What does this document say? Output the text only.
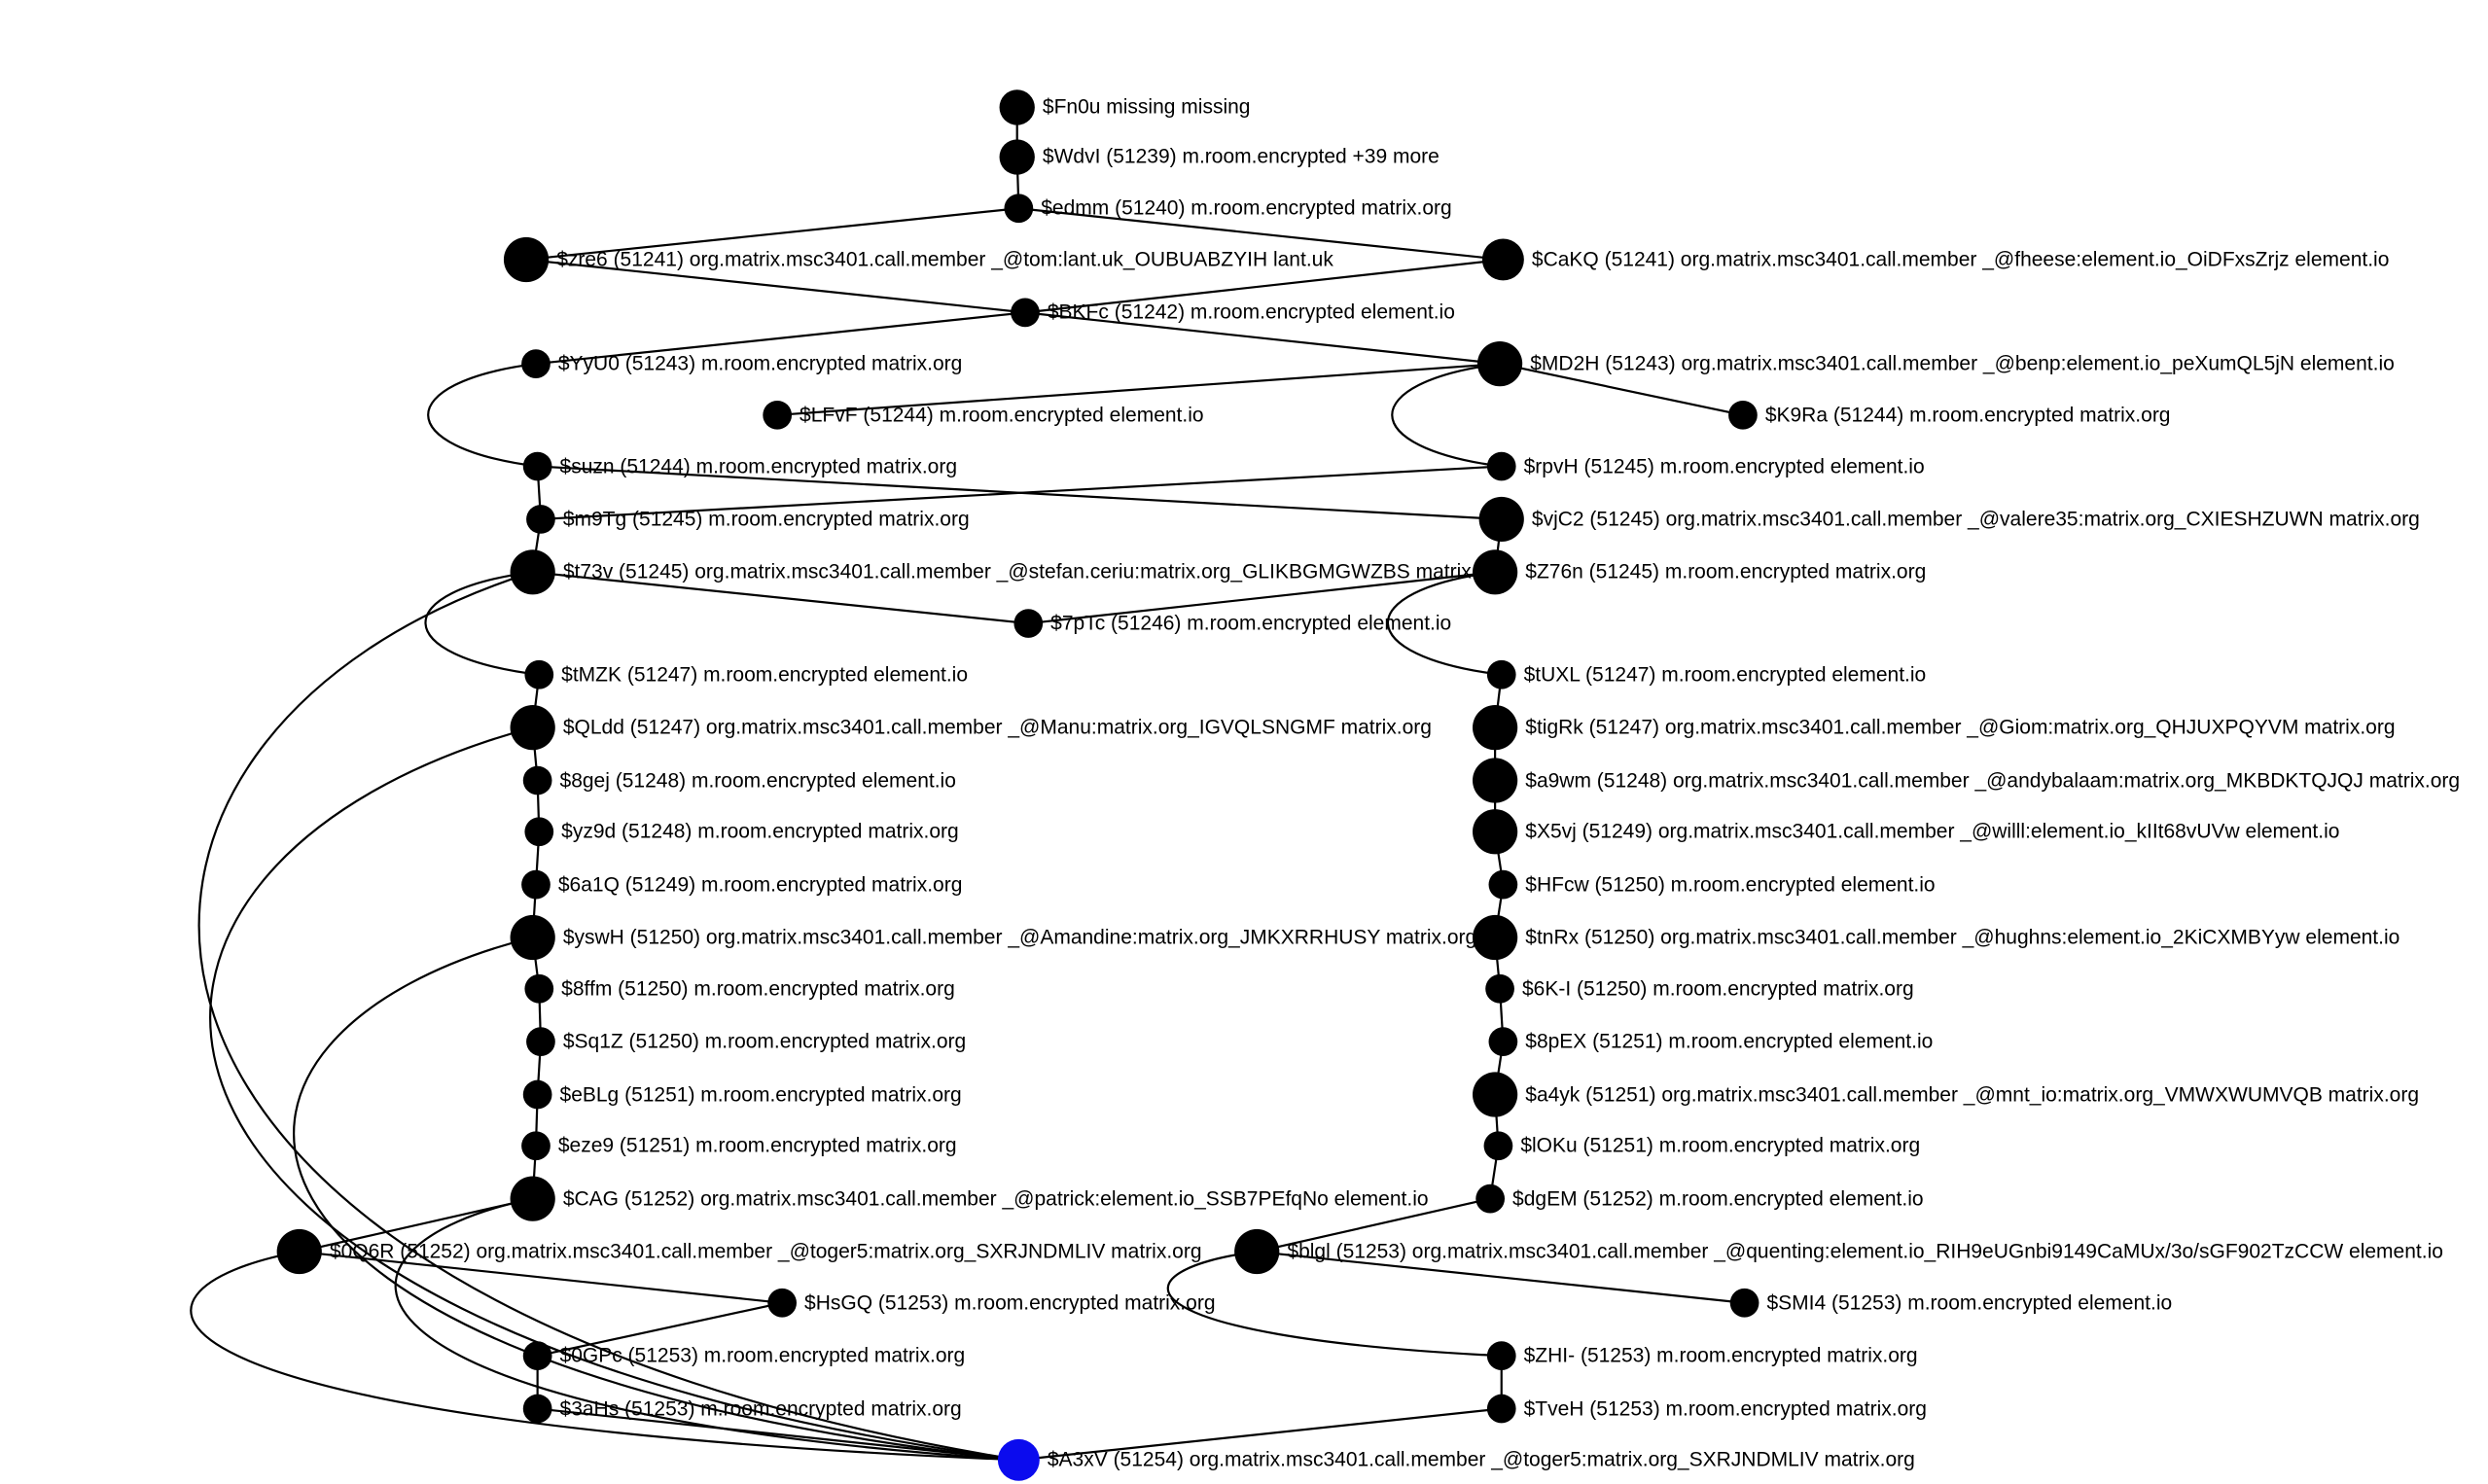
$Fn0u missing missing
$WdvI (51239) m.room.encrypted +39 more
$edmm (51240) m.room.encrypted matrix.org
$zre6 (51241) org.matrix.msc3401.call.member _@tom:lant.uk_OUBUABZYIH lant.uk	$CaKQ (51241) org.matrix.msc3401.call.member _@fheese:element.io_OiDFxsZrjz element.io
$BKFc (51242) m.room.encrypted element.io
$YyU0 (51243) m.room.encrypted matrix.org	$MD2H (51243) org.matrix.msc3401.call.member _@benp:element.io_peXumQL5jN element.io
$LFvF (51244) m.room.encrypted element.io	$K9Ra (51244) m.room.encrypted matrix.org
$suzn (51244) m.room.encrypted matrix.org	$rpvH (51245) m.room.encrypted element.io
$m9Tg (51245) m.room.encrypted matrix.org	$vjC2 (51245) org.matrix.msc3401.call.member _@valere35:matrix.org_CXIESHZUWN matrix.org
$t73v (51245) org.matrix.msc3401.call.member _@stefan.ceriu:matrix.org_GLIKBGMGWZBS matrix.org $Z76n (51245) m.room.encrypted matrix.org
$7pTc (51246) m.room.encrypted element.io
$tMZK (51247) m.room.encrypted element.io	$tUXL (51247) m.room.encrypted element.io
$QLdd (51247) org.matrix.msc3401.call.member _@Manu:matrix.org_IGVQLSNGMF matrix.org	$tigRk (51247) org.matrix.msc3401.call.member _@Giom:matrix.org_QHJUXPQYVM matrix.org
$8gej (51248) m.room.encrypted element.io	$a9wm (51248) org.matrix.msc3401.call.member _@andybalaam:matrix.org_MKBDKTQJQJ matrix.org
$yz9d (51248) m.room.encrypted matrix.org	$X5vj (51249) org.matrix.msc3401.call.member _@willl:element.io_kIIt68vUVw element.io
$6a1Q (51249) m.room.encrypted matrix.org	$HFcw (51250) m.room.encrypted element.io
$yswH (51250) org.matrix.msc3401.call.member _@Amandine:matrix.org_JMKXRRHUSY matrix.org $tnRx (51250) org.matrix.msc3401.call.member _@hughns:element.io_2KiCXMBYyw element.io
$8ffm (51250) m.room.encrypted matrix.org	$6K-I (51250) m.room.encrypted matrix.org
$Sq1Z (51250) m.room.encrypted matrix.org	$8pEX (51251) m.room.encrypted element.io
$eBLg (51251) m.room.encrypted matrix.org	$a4yk (51251) org.matrix.msc3401.call.member _@mnt_io:matrix.org_VMWXWUMVQB matrix.org
$eze9 (51251) m.room.encrypted matrix.org	$lOKu (51251) m.room.encrypted matrix.org
$CAG (51252) org.matrix.msc3401.call.member _@patrick:element.io_SSB7PEfqNo element.io	$dgEM (51252) m.room.encrypted element.io
$0Q6R (51252) org.matrix.msc3401.call.member _@toger5:matrix.org_SXRJNDMLIV matrix.org	$blgl (51253) org.matrix.msc3401.call.member _@quenting:element.io_RIH9eUGnbi9149CaMUx/3o/sGF902TzCCW element.io
$HsGQ (51253) m.room.encrypted matrix.org	$SMI4 (51253) m.room.encrypted element.io
$0GPc (51253) m.room.encrypted matrix.org	$ZHI- (51253) m.room.encrypted matrix.org
$3aHs (51253) m.room.encrypted matrix.org	$TveH (51253) m.room.encrypted matrix.org
$A3xV (51254) org.matrix.msc3401.call.member _@toger5:matrix.org_SXRJNDMLIV matrix.org
